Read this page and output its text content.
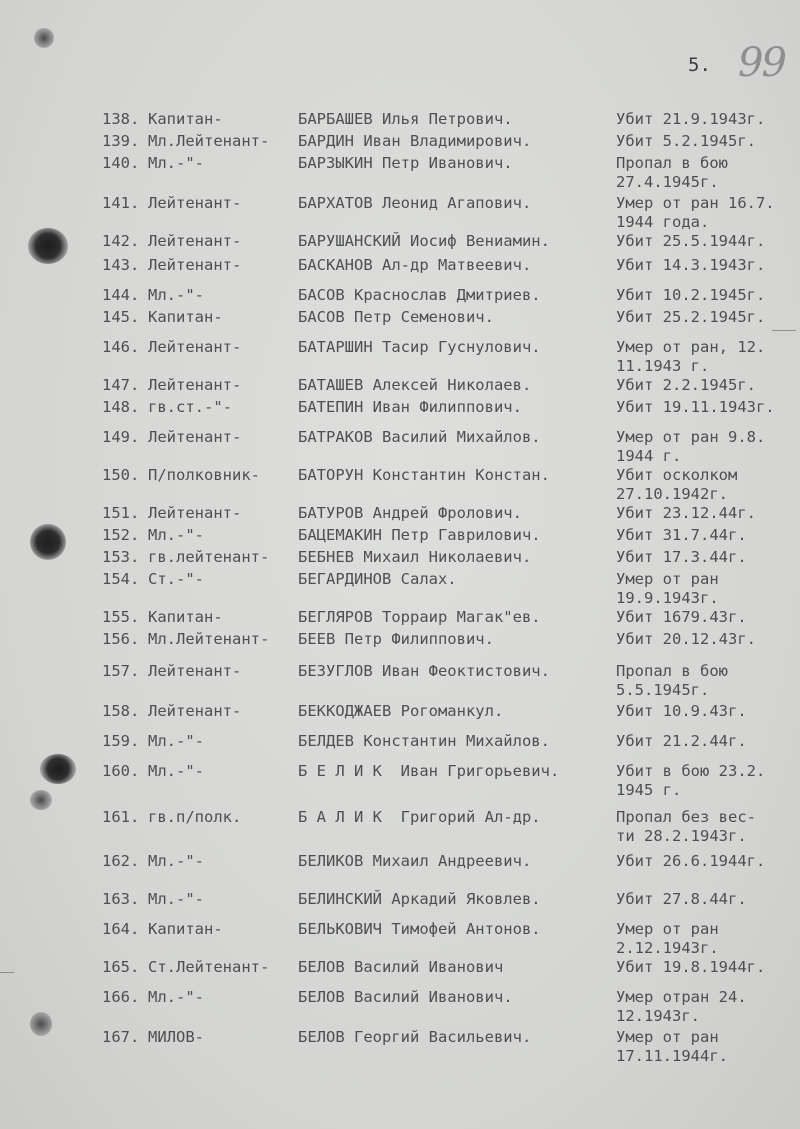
5. 99
138. Капитан-	БАРБАШЕВ Илья Петрович.	Убит 21.9.1943г.
139. Мл.Лейтенант- БАРДИН Иван Владимирович.	Убит 5.2.1945г.
140. Мл.-"-	БАРЗЫКИН Петр Иванович.	Пропал в бою
27.4.1945г.
141. Лейтенант-	БАРХАТОВ Леонид Агапович.	Умер от ран 16.7.
1944 года.
142. Лейтенант-	БАРУШАНСКИЙ Иосиф Вениамин.	Убит 25.5.1944г.
143. Лейтенант-	БАСКАНОВ Ал-др Матвеевич.	Убит 14.3.1943г.
144. Мл.-"-	БАСОВ Краснослав Дмитриев.	Убит 10.2.1945г.
145. Капитан-	БАСОВ Петр Семенович.	Убит 25.2.1945г.
146. Лейтенант-	БАТАРШИН Тасир Гуснулович.	Умер от ран, 12.
11.1943 г.
147. Лейтенант-	БАТАШЕВ Алексей Николаев.	Убит 2.2.1945г.
148. гв.ст.-"-	БАТЕПИН Иван Филиппович.	Убит 19.11.1943г.
149. Лейтенант-	БАТРАКОВ Василий Михайлов.	Умер от ран 9.8.
1944 г.
150. П/полковник- БАТОРУН Константин Констан.	Убит осколком
27.10.1942г.
151. Лейтенант-	БАТУРОВ Андрей Фролович.	Убит 23.12.44г.
152. Мл.-"-	БАЦЕМАКИН Петр Гаврилович.	Убит 31.7.44г.
153. гв.лейтенант- БЕБНЕВ Михаил Николаевич.	Убит 17.3.44г.
154. Ст.-"-	БЕГАРДИНОВ Салах.	Умер от ран
19.9.1943г.
155. Капитан-	БЕГЛЯРОВ Торраир Магак"ев.	Убит 1679.43г.
156. Мл.Лейтенант- БЕЕВ Петр Филиппович.	Убит 20.12.43г.
157. Лейтенант-	БЕЗУГЛОВ Иван Феоктистович.	Пропал в бою
5.5.1945г.
158. Лейтенант-	БЕККОДЖАЕВ Рогоманкул.	Убит 10.9.43г.
159. Мл.-"-	БЕЛДЕВ Константин Михайлов.	Убит 21.2.44г.
160. Мл.-"-	Б Е Л И К  Иван Григорьевич.	Убит в бою 23.2.
1945 г.
161. гв.п/полк.	Б А Л И К  Григорий Ал-др.	Пропал без вес-
ти 28.2.1943г.
162. Мл.-"-	БЕЛИКОВ Михаил Андреевич.	Убит 26.6.1944г.
163. Мл.-"-	БЕЛИНСКИЙ Аркадий Яковлев.	Убит 27.8.44г.
164. Капитан-	БЕЛЬКОВИЧ Тимофей Антонов.	Умер от ран
2.12.1943г.
165. Ст.Лейтенант- БЕЛОВ Василий Иванович	Убит 19.8.1944г.
166. Мл.-"-	БЕЛОВ Василий Иванович.	Умер отран 24.
12.1943г.
167. МИЛОВ-	БЕЛОВ Георгий Васильевич.	Умер от ран
17.11.1944г.
